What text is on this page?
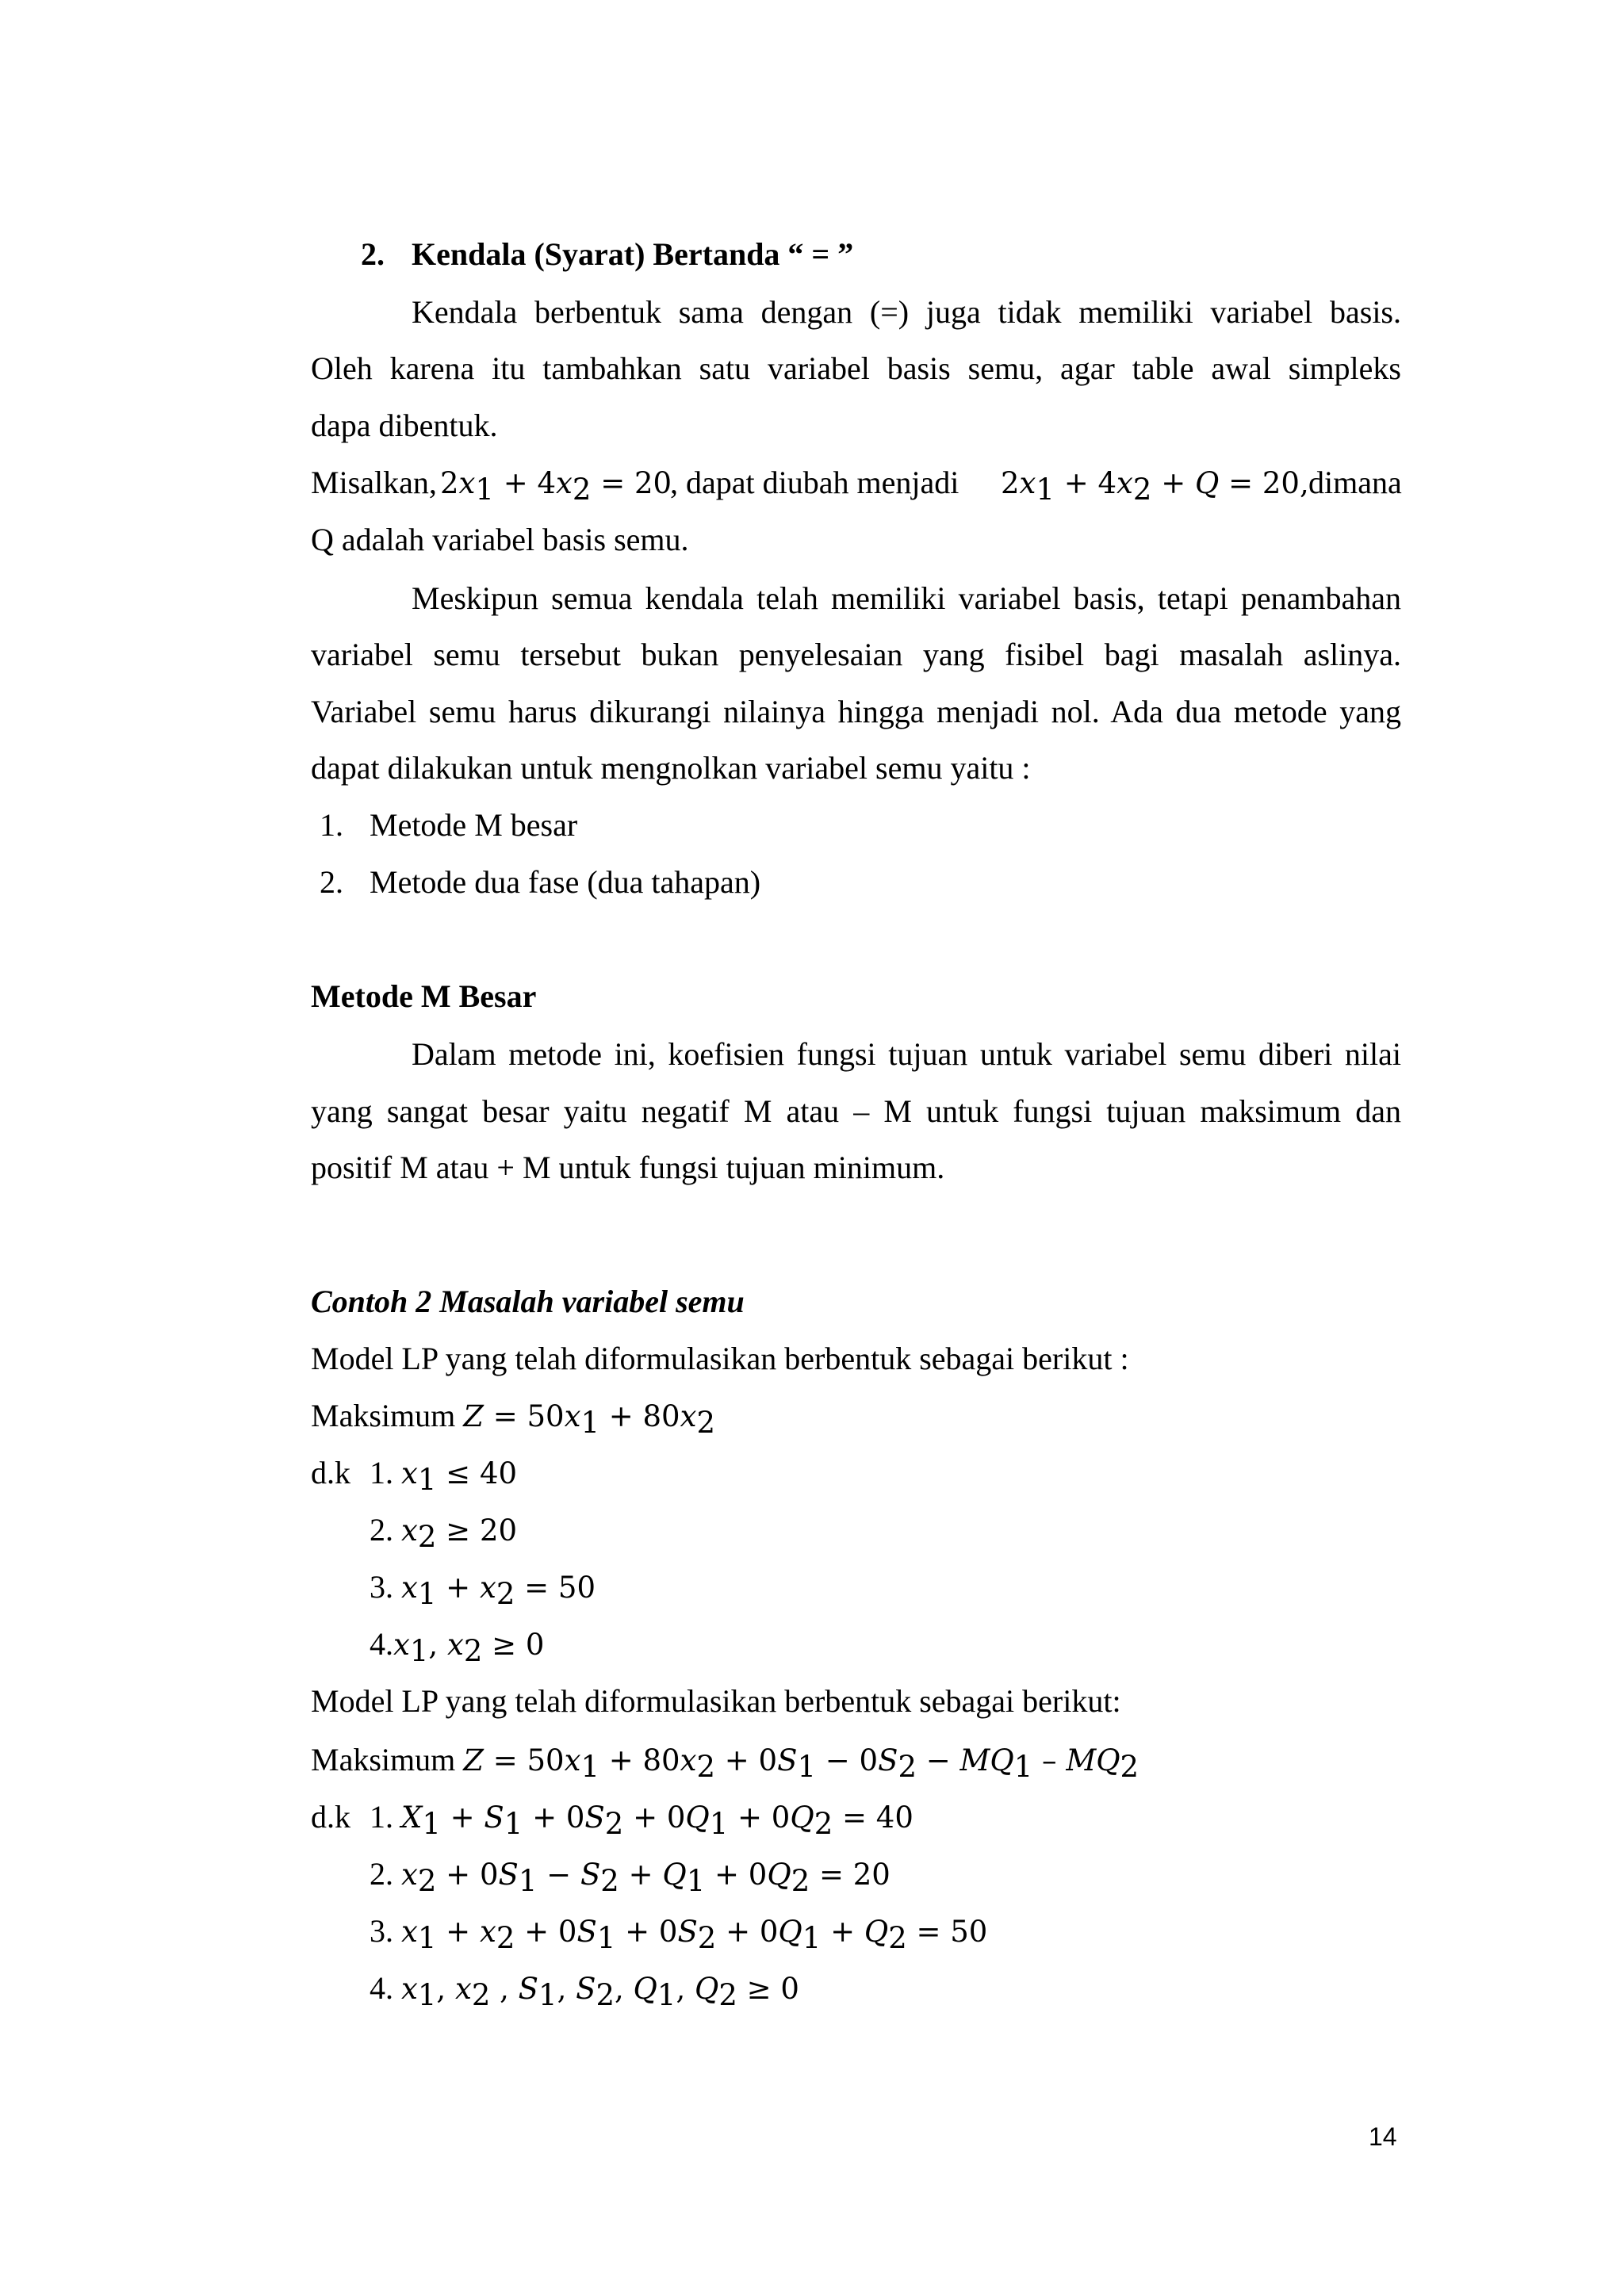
2. Kendala (Syarat) Bertanda “ = ”
Kendala berbentuk sama dengan (=) juga tidak memiliki variabel basis.
Oleh karena itu tambahkan satu variabel basis semu, agar table awal simpleks
dapa dibentuk.
Misalkan, $2x_1 + 4x_2 = 20$
, dapat diubah menjadi $2x_1 + 4x_2 + Q = 20$, dimana
Q adalah variabel basis semu.
Meskipun semua kendala telah memiliki variabel basis, tetapi penambahan
variabel semu tersebut bukan penyelesaian yang fisibel bagi masalah aslinya.
Variabel semu harus dikurangi nilainya hingga menjadi nol. Ada dua metode yang
dapat dilakukan untuk mengnolkan variabel semu yaitu :
1. Metode M besar
2. Metode dua fase (dua tahapan)
Metode M Besar
Dalam metode ini, koefisien fungsi tujuan untuk variabel semu diberi nilai
yang sangat besar yaitu negatif M atau – M untuk fungsi tujuan maksimum dan
positif M atau + M untuk fungsi tujuan minimum.
Contoh 2 Masalah variabel semu
Model LP yang telah diformulasikan berbentuk sebagai berikut :
Maksimum $Z = 50x_1 + 80x_2$
d.k 1. $x_1 \le 40$
2. $x_2 \ge 20$
3. $x_1 + x_2 = 50$
$4.x_1$, $x_2 \ge 0$
Model LP yang telah diformulasikan berbentuk sebagai berikut:
Maksimum $Z = 50x_1 + 80x_2 + 0S_1 - 0S_2 - MQ_1 - MQ_2$
d.k 1. $X_1 + S_1 + 0S_2 + 0Q_1 + 0Q_2 = 40$
2. $x_2 + 0S_1 - S_2 + Q_1 + 0Q_2 = 20$
3. $x_1 + x_2 + 0S_1 + 0S_2 + 0Q_1 + Q_2 = 50$
4. $x_1$, $x_2$ , $S_1$, $S_2$, $Q_1$, $Q_2 \ge 0$
14
